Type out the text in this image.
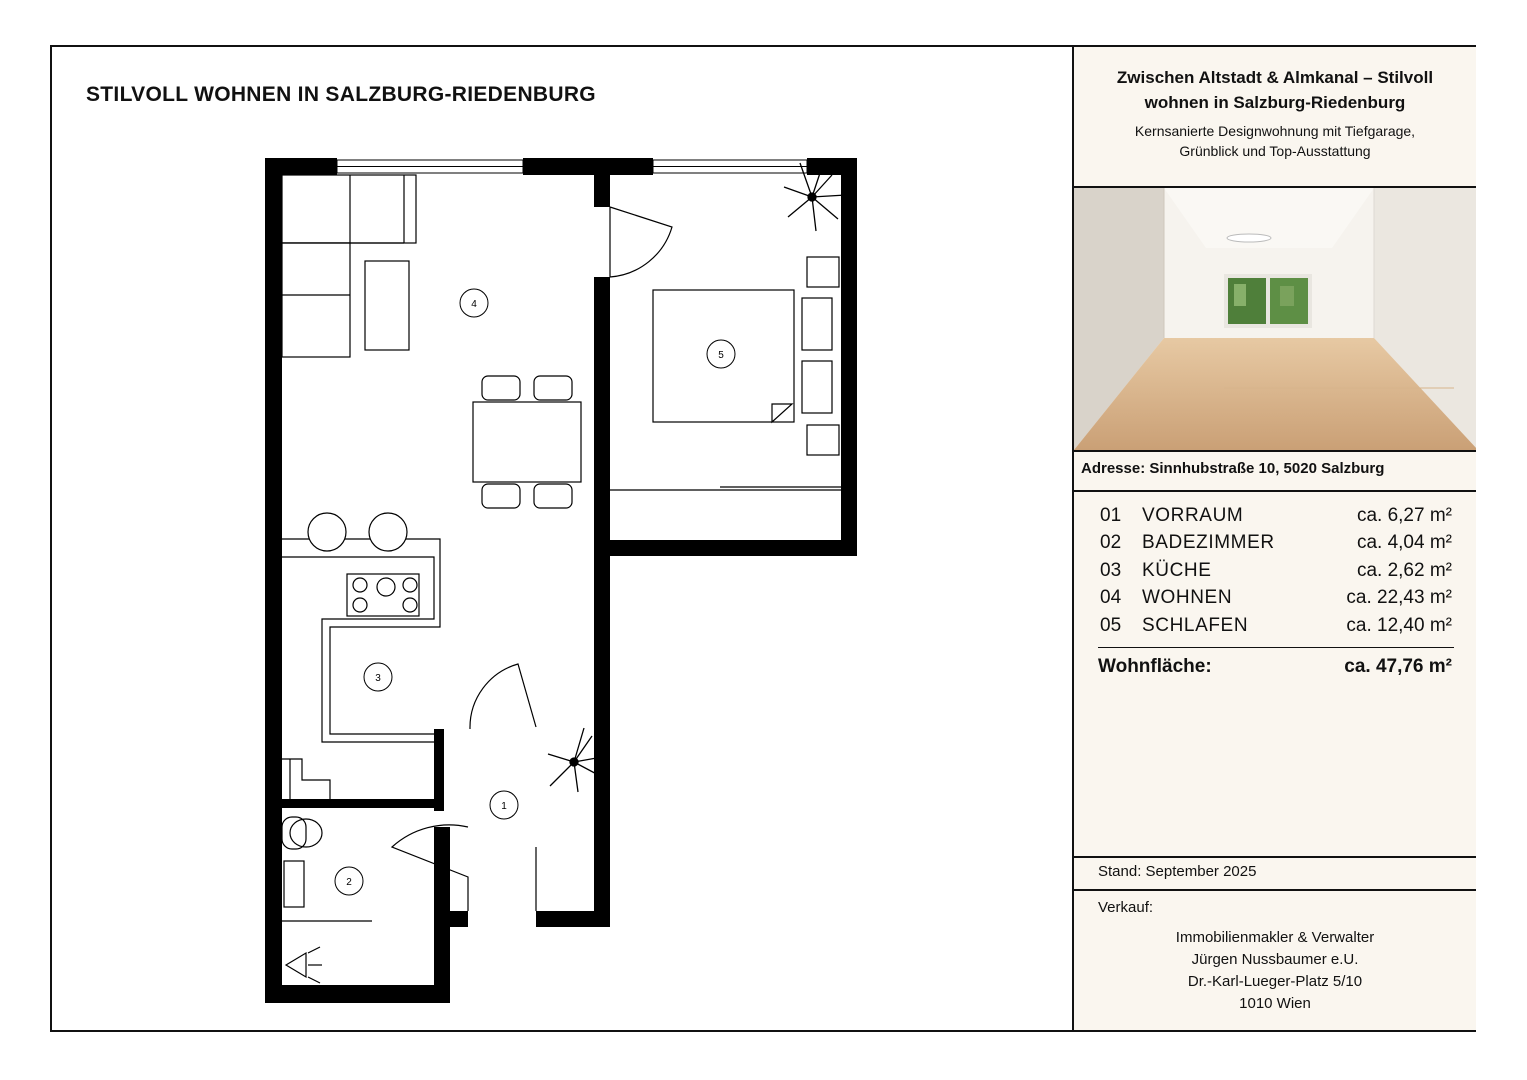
STILVOLL WOHNEN IN SALZBURG-RIEDENBURG
4
5
3
1
2
Zwischen Altstadt & Almkanal – Stilvoll wohnen in Salzburg-Riedenburg
Kernsanierte Designwohnung mit Tiefgarage, Grünblick und Top-Ausstattung
Adresse: Sinnhubstraße 10, 5020 Salzburg
01 VORRAUM	ca. 6,27 m²
02 BADEZIMMER	ca. 4,04 m²
03 KÜCHE	ca. 2,62 m²
04 WOHNEN	ca. 22,43 m²
05 SCHLAFEN	ca. 12,40 m²
Wohnfläche:	ca. 47,76 m²
Stand: September 2025
Verkauf:
Immobilienmakler & Verwalter
Jürgen Nussbaumer e.U.
Dr.-Karl-Lueger-Platz 5/10
1010 Wien
